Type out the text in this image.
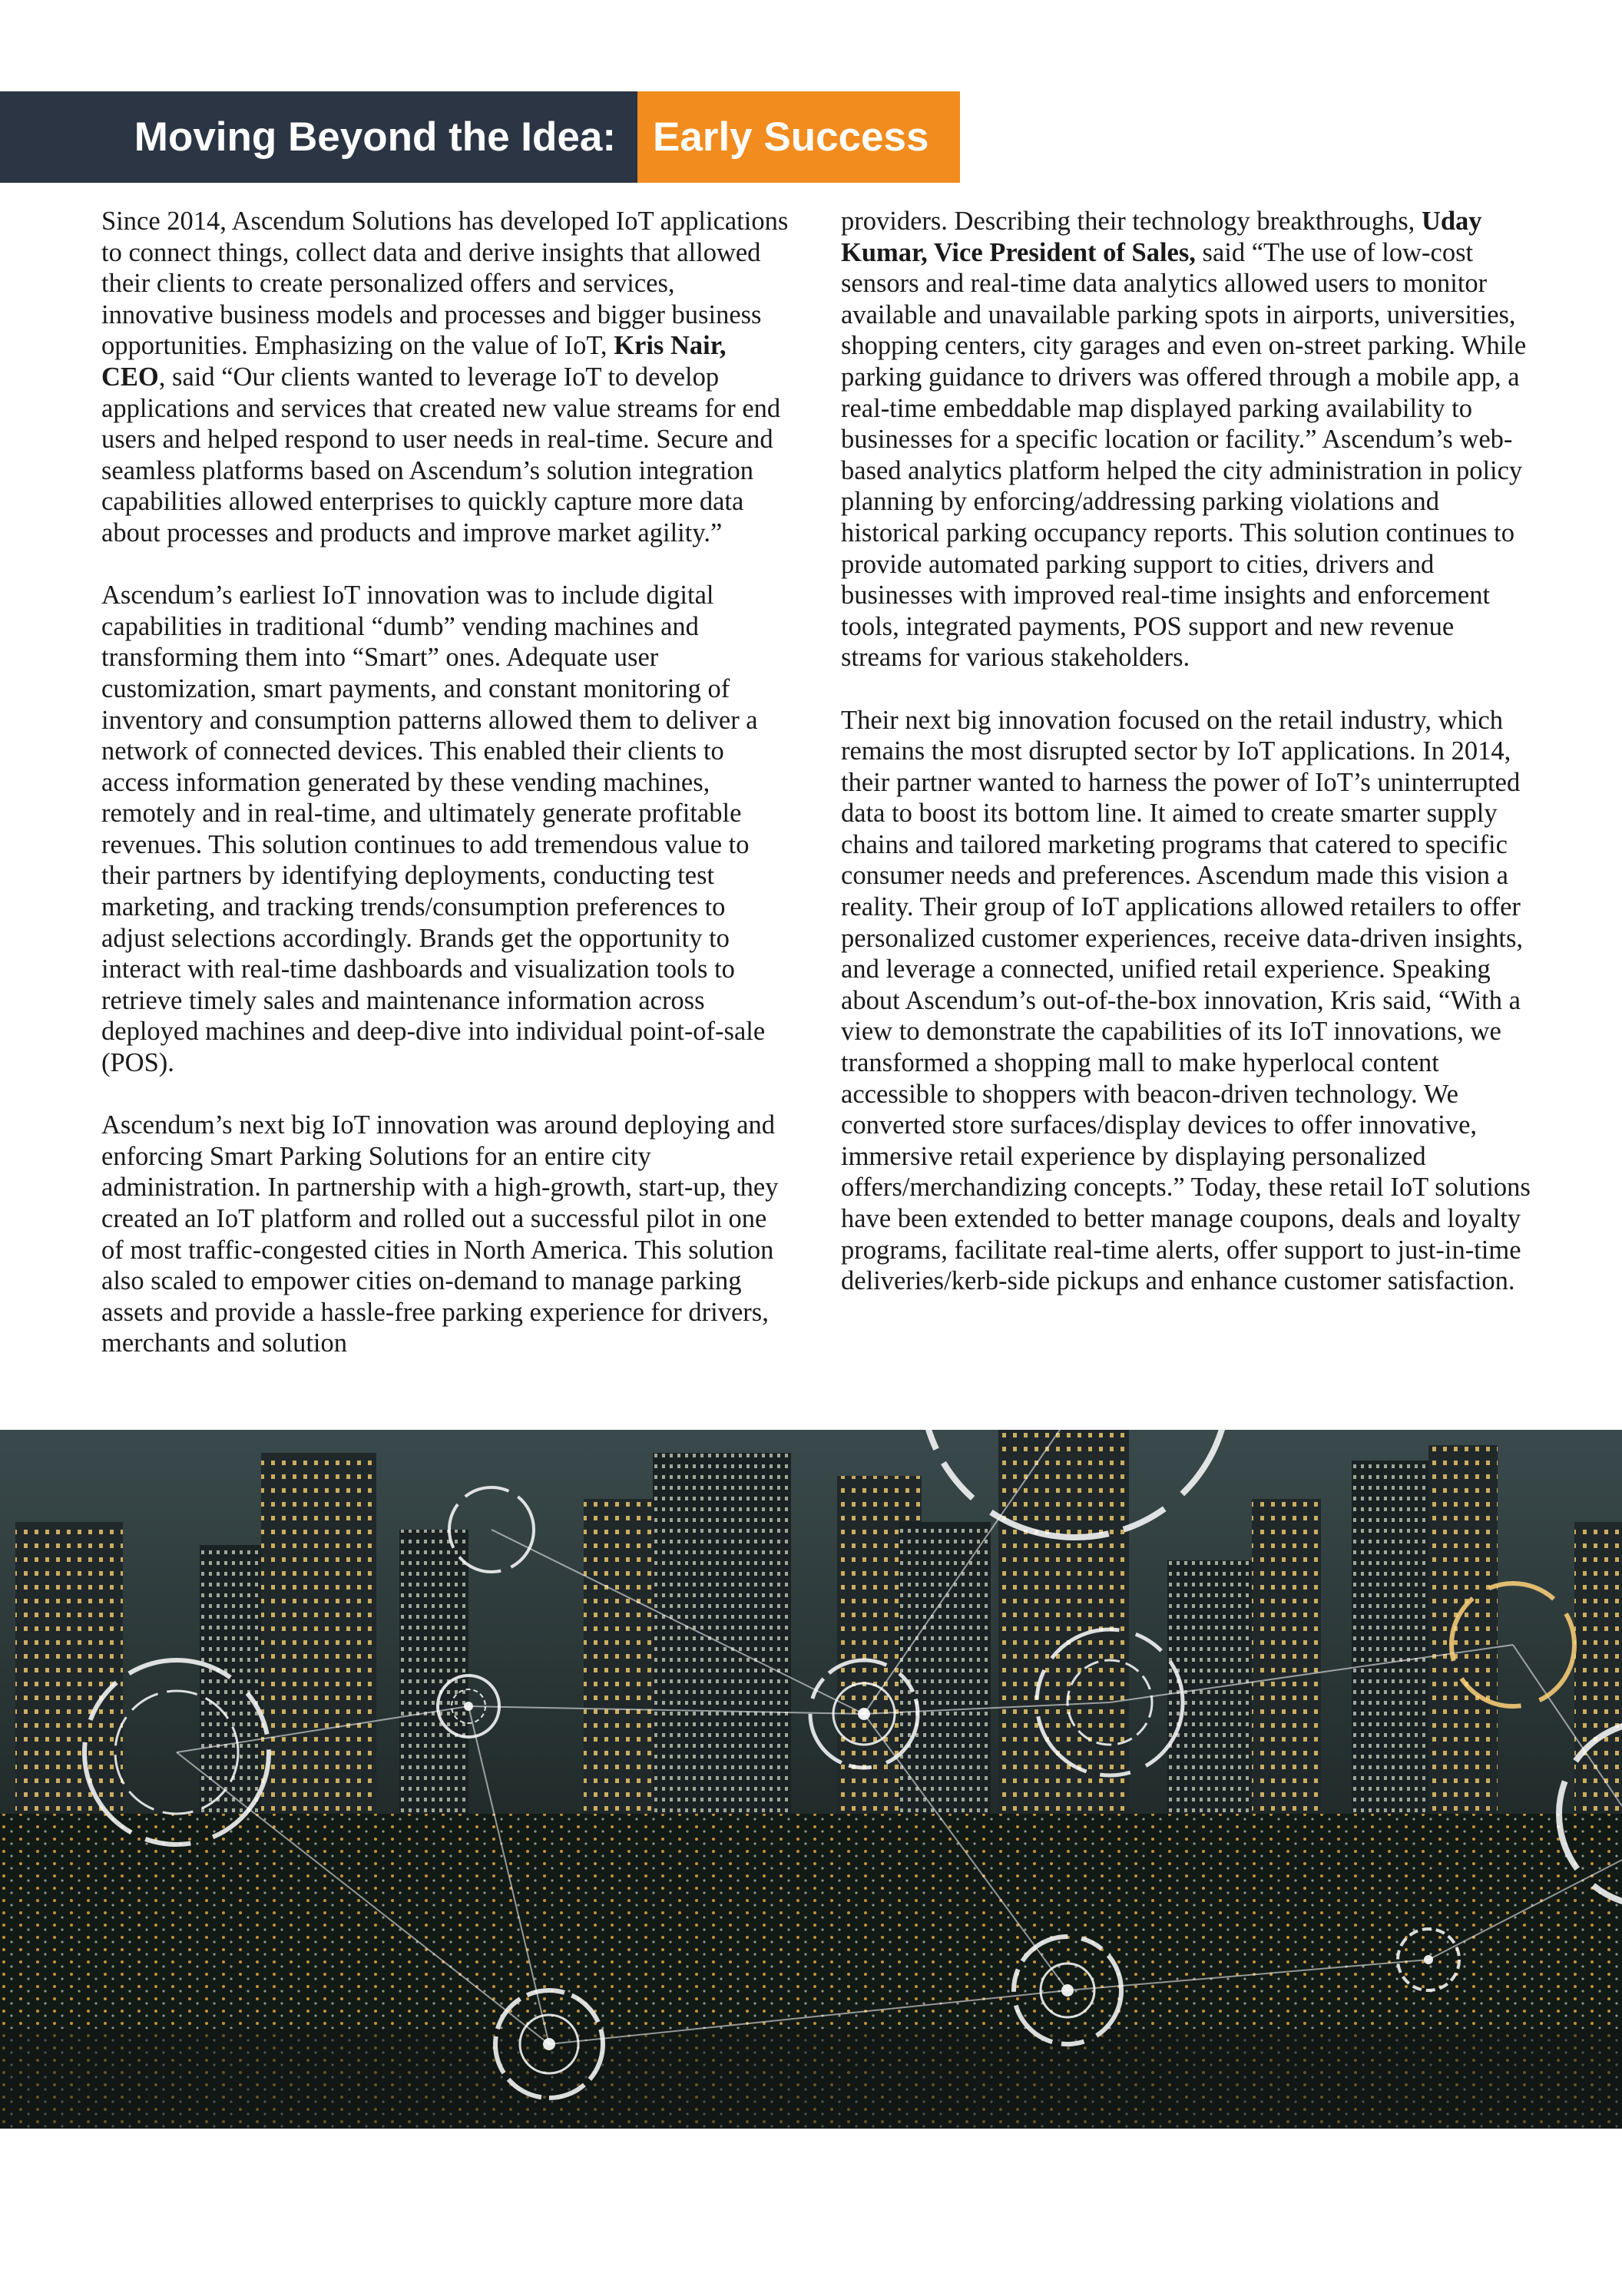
Moving Beyond the Idea: Early Success

Since 2014, Ascendum Solutions has developed IoT applications to connect things, collect data and derive insights that allowed their clients to create personalized offers and services, innovative business models and processes and bigger business opportunities. Emphasizing on the value of IoT, Kris Nair, CEO, said “Our clients wanted to leverage IoT to develop applications and services that created new value streams for end users and helped respond to user needs in real-time. Secure and seamless platforms based on Ascendum’s solution integration capabilities allowed enterprises to quickly capture more data about processes and products and improve market agility.”

Ascendum’s earliest IoT innovation was to include digital capabilities in traditional “dumb” vending machines and transforming them into “Smart” ones. Adequate user customization, smart payments, and constant monitoring of inventory and consumption patterns allowed them to deliver a network of connected devices. This enabled their clients to access information generated by these vending machines, remotely and in real-time, and ultimately generate profitable revenues. This solution continues to add tremendous value to their partners by identifying deployments, conducting test marketing, and tracking trends/consumption preferences to adjust selections accordingly. Brands get the opportunity to interact with real-time dashboards and visualization tools to retrieve timely sales and maintenance information across deployed machines and deep-dive into individual point-of-sale (POS).

Ascendum’s next big IoT innovation was around deploying and enforcing Smart Parking Solutions for an entire city administration. In partnership with a high-growth, start-up, they created an IoT platform and rolled out a successful pilot in one of most traffic-congested cities in North America. This solution also scaled to empower cities on-demand to manage parking assets and provide a hassle-free parking experience for drivers, merchants and solution

providers. Describing their technology breakthroughs, Uday Kumar, Vice President of Sales, said “The use of low-cost sensors and real-time data analytics allowed users to monitor available and unavailable parking spots in airports, universities, shopping centers, city garages and even on-street parking. While parking guidance to drivers was offered through a mobile app, a real-time embeddable map displayed parking availability to businesses for a specific location or facility.” Ascendum’s web-based analytics platform helped the city administration in policy planning by enforcing/addressing parking violations and historical parking occupancy reports. This solution continues to provide automated parking support to cities, drivers and businesses with improved real-time insights and enforcement tools, integrated payments, POS support and new revenue streams for various stakeholders.

Their next big innovation focused on the retail industry, which remains the most disrupted sector by IoT applications. In 2014, their partner wanted to harness the power of IoT’s uninterrupted data to boost its bottom line. It aimed to create smarter supply chains and tailored marketing programs that catered to specific consumer needs and preferences. Ascendum made this vision a reality. Their group of IoT applications allowed retailers to offer personalized customer experiences, receive data-driven insights, and leverage a connected, unified retail experience. Speaking about Ascendum’s out-of-the-box innovation, Kris said, “With a view to demonstrate the capabilities of its IoT innovations, we transformed a shopping mall to make hyperlocal content accessible to shoppers with beacon-driven technology. We converted store surfaces/display devices to offer innovative, immersive retail experience by displaying personalized offers/merchandizing concepts.” Today, these retail IoT solutions have been extended to better manage coupons, deals and loyalty programs, facilitate real-time alerts, offer support to just-in-time deliveries/kerb-side pickups and enhance customer satisfaction.
